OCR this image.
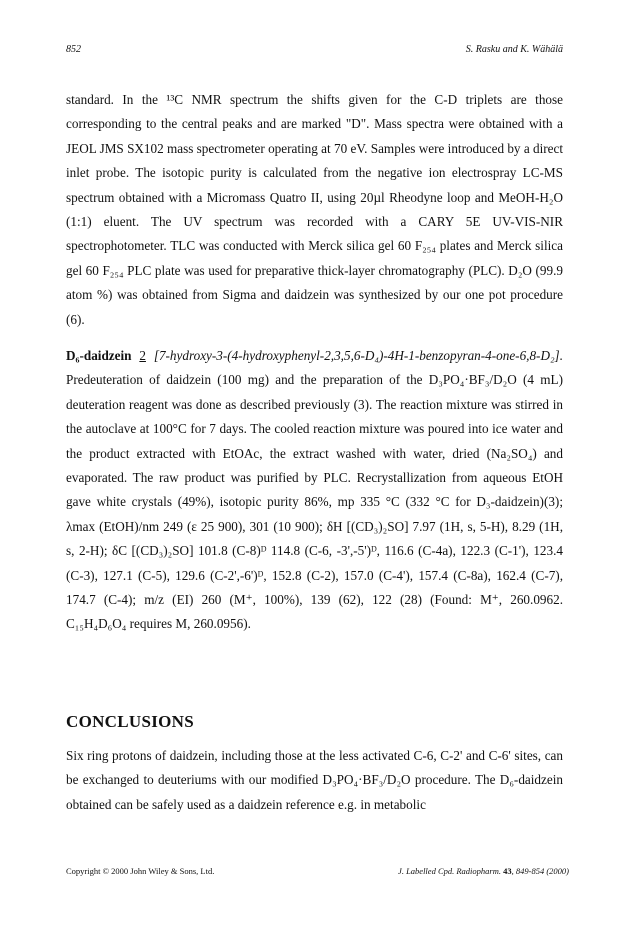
852	S. Rasku and K. Wähälä

standard. In the ¹³C NMR spectrum the shifts given for the C-D triplets are those corresponding to the central peaks and are marked "D". Mass spectra were obtained with a JEOL JMS SX102 mass spectrometer operating at 70 eV. Samples were introduced by a direct inlet probe. The isotopic purity is calculated from the negative ion electrospray LC-MS spectrum obtained with a Micromass Quatro II, using 20µl Rheodyne loop and MeOH-H₂O (1:1) eluent. The UV spectrum was recorded with a CARY 5E UV-VIS-NIR spectrophotometer. TLC was conducted with Merck silica gel 60 F₂₅₄ plates and Merck silica gel 60 F₂₅₄ PLC plate was used for preparative thick-layer chromatography (PLC). D₂O (99.9 atom %) was obtained from Sigma and daidzein was synthesized by our one pot procedure (6).

D₆-daidzein 2 [7-hydroxy-3-(4-hydroxyphenyl-2,3,5,6-D₄)-4H-1-benzopyran-4-one-6,8-D₂]. Predeuteration of daidzein (100 mg) and the preparation of the D₃PO₄·BF₃/D₂O (4 mL) deuteration reagent was done as described previously (3). The reaction mixture was stirred in the autoclave at 100°C for 7 days. The cooled reaction mixture was poured into ice water and the product extracted with EtOAc, the extract washed with water, dried (Na₂SO₄) and evaporated. The raw product was purified by PLC. Recrystallization from aqueous EtOH gave white crystals (49%), isotopic purity 86%, mp 335 °C (332 °C for D₃-daidzein)(3); λmax (EtOH)/nm 249 (ε 25 900), 301 (10 900); δH [(CD₃)₂SO] 7.97 (1H, s, 5-H), 8.29 (1H, s, 2-H); δC [(CD₃)₂SO] 101.8 (C-8)ᴰ 114.8 (C-6, -3',-5')ᴰ, 116.6 (C-4a), 122.3 (C-1'), 123.4 (C-3), 127.1 (C-5), 129.6 (C-2',-6')ᴰ, 152.8 (C-2), 157.0 (C-4'), 157.4 (C-8a), 162.4 (C-7), 174.7 (C-4); m/z (EI) 260 (M⁺, 100%), 139 (62), 122 (28) (Found: M⁺, 260.0962. C₁₅H₄D₆O₄ requires M, 260.0956).

CONCLUSIONS

Six ring protons of daidzein, including those at the less activated C-6, C-2' and C-6' sites, can be exchanged to deuteriums with our modified D₃PO₄·BF₃/D₂O procedure. The D₆-daidzein obtained can be safely used as a daidzein reference e.g. in metabolic

Copyright © 2000 John Wiley & Sons, Ltd.	J. Labelled Cpd. Radiopharm. 43, 849-854 (2000)
